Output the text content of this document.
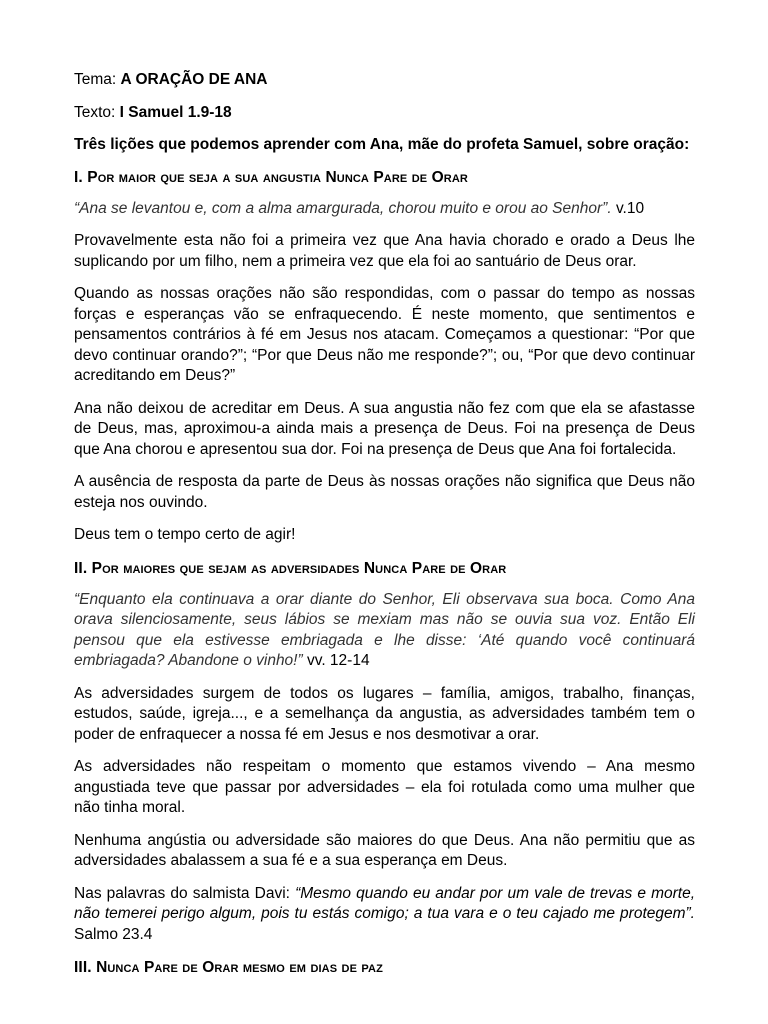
Tema: A ORAÇÃO DE ANA

Texto: I Samuel 1.9-18

Três lições que podemos aprender com Ana, mãe do profeta Samuel, sobre oração:

I. Por maior que seja a sua angustia Nunca Pare de Orar

“Ana se levantou e, com a alma amargurada, chorou muito e orou ao Senhor”. v.10

Provavelmente esta não foi a primeira vez que Ana havia chorado e orado a Deus lhe suplicando por um filho, nem a primeira vez que ela foi ao santuário de Deus orar.

Quando as nossas orações não são respondidas, com o passar do tempo as nossas forças e esperanças vão se enfraquecendo. É neste momento, que sentimentos e pensamentos contrários à fé em Jesus nos atacam. Começamos a questionar: “Por que devo continuar orando?”; “Por que Deus não me responde?”; ou, “Por que devo continuar acreditando em Deus?”

Ana não deixou de acreditar em Deus. A sua angustia não fez com que ela se afastasse de Deus, mas, aproximou-a ainda mais a presença de Deus. Foi na presença de Deus que Ana chorou e apresentou sua dor. Foi na presença de Deus que Ana foi fortalecida.

A ausência de resposta da parte de Deus às nossas orações não significa que Deus não esteja nos ouvindo.

Deus tem o tempo certo de agir!

II. Por maiores que sejam as adversidades Nunca Pare de Orar

“Enquanto ela continuava a orar diante do Senhor, Eli observava sua boca. Como Ana orava silenciosamente, seus lábios se mexiam mas não se ouvia sua voz. Então Eli pensou que ela estivesse embriagada e lhe disse: ‘Até quando você continuará embriagada? Abandone o vinho!” vv. 12-14

As adversidades surgem de todos os lugares – família, amigos, trabalho, finanças, estudos, saúde, igreja..., e a semelhança da angustia, as adversidades também tem o poder de enfraquecer a nossa fé em Jesus e nos desmotivar a orar.

As adversidades não respeitam o momento que estamos vivendo – Ana mesmo angustiada teve que passar por adversidades – ela foi rotulada como uma mulher que não tinha moral.

Nenhuma angústia ou adversidade são maiores do que Deus. Ana não permitiu que as adversidades abalassem a sua fé e a sua esperança em Deus.

Nas palavras do salmista Davi: “Mesmo quando eu andar por um vale de trevas e morte, não temerei perigo algum, pois tu estás comigo; a tua vara e o teu cajado me protegem”. Salmo 23.4

III. Nunca Pare de Orar mesmo em dias de paz
